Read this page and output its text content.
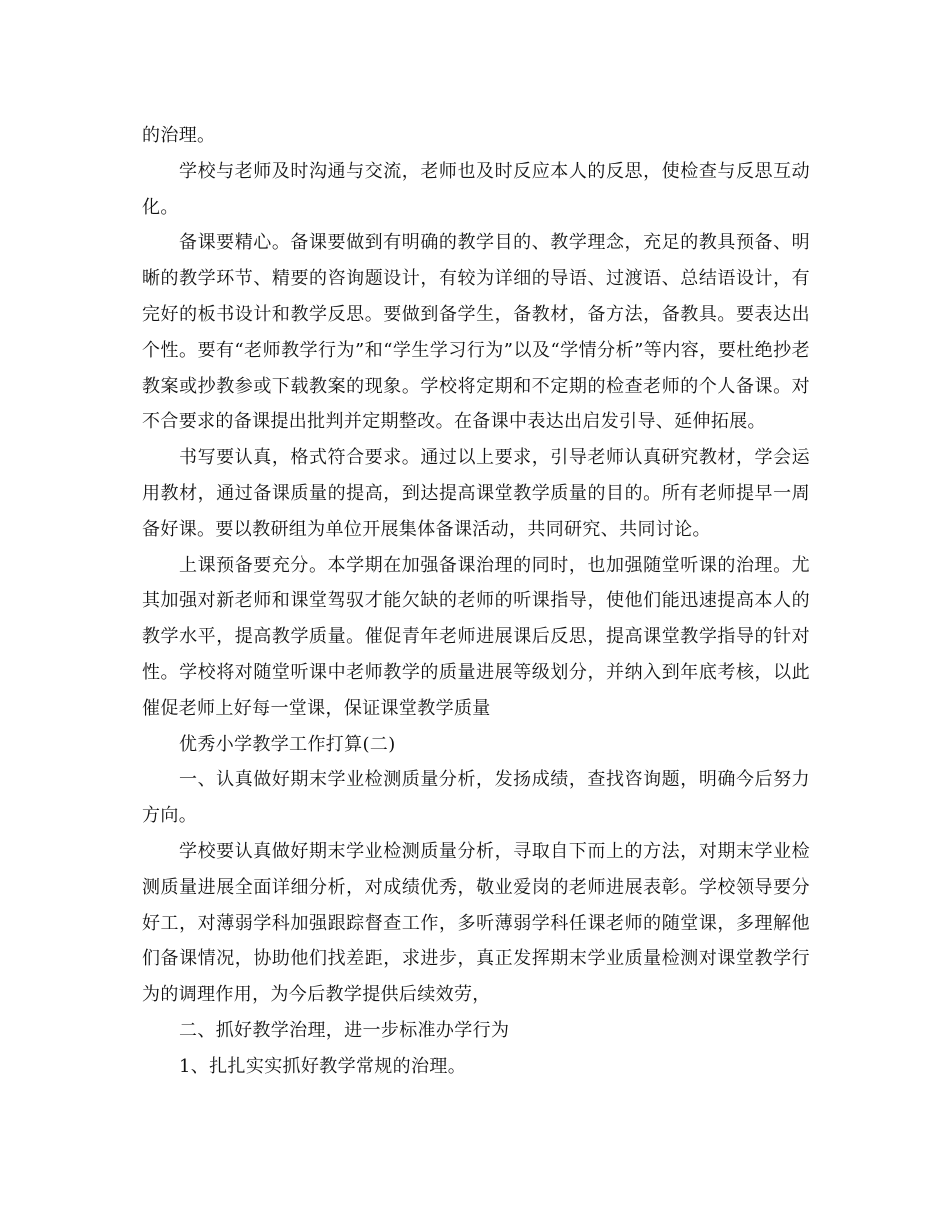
的治理。

学校与老师及时沟通与交流，老师也及时反应本人的反思，使检查与反思互动化。

备课要精心。备课要做到有明确的教学目的、教学理念，充足的教具预备、明晰的教学环节、精要的咨询题设计，有较为详细的导语、过渡语、总结语设计，有完好的板书设计和教学反思。要做到备学生，备教材，备方法，备教具。要表达出个性。要有“老师教学行为”和“学生学习行为”以及“学情分析”等内容，要杜绝抄老教案或抄教参或下载教案的现象。学校将定期和不定期的检查老师的个人备课。对不合要求的备课提出批判并定期整改。在备课中表达出启发引导、延伸拓展。

书写要认真，格式符合要求。通过以上要求，引导老师认真研究教材，学会运用教材，通过备课质量的提高，到达提高课堂教学质量的目的。所有老师提早一周备好课。要以教研组为单位开展集体备课活动，共同研究、共同讨论。

上课预备要充分。本学期在加强备课治理的同时，也加强随堂听课的治理。尤其加强对新老师和课堂驾驭才能欠缺的老师的听课指导，使他们能迅速提高本人的教学水平，提高教学质量。催促青年老师进展课后反思，提高课堂教学指导的针对性。学校将对随堂听课中老师教学的质量进展等级划分，并纳入到年底考核，以此催促老师上好每一堂课，保证课堂教学质量

优秀小学教学工作打算(二)

一、认真做好期末学业检测质量分析，发扬成绩，查找咨询题，明确今后努力方向。

学校要认真做好期末学业检测质量分析，寻取自下而上的方法，对期末学业检测质量进展全面详细分析，对成绩优秀，敬业爱岗的老师进展表彰。学校领导要分好工，对薄弱学科加强跟踪督查工作，多听薄弱学科任课老师的随堂课，多理解他们备课情况，协助他们找差距，求进步，真正发挥期末学业质量检测对课堂教学行为的调理作用，为今后教学提供后续效劳，

二、抓好教学治理，进一步标准办学行为

1、扎扎实实抓好教学常规的治理。
